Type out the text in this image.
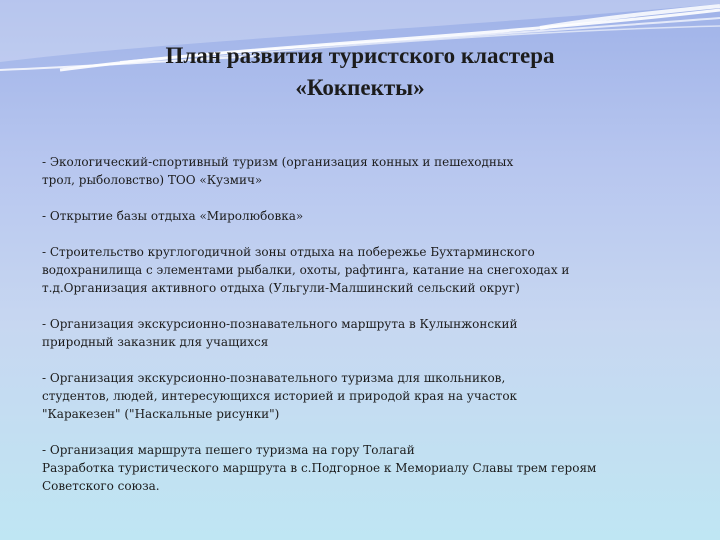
План развития туристского кластера
«Кокпекты»
- Экологический-спортивный туризм (организация конных и пешеходных
трол, рыболовство) ТОО «Кузмич»
- Открытие базы отдыха «Миролюбовка»
- Строительство круглогодичной зоны отдыха на побережье Бухтарминского
водохранилища с элементами рыбалки, охоты, рафтинга, катание на снегоходах и
т.д.Организация активного отдыха (Ульгули-Малшинский сельский округ)
- Организация экскурсионно-познавательного маршрута в Кулынжонский
природный заказник для учащихся
- Организация экскурсионно-познавательного туризма для школьников,
студентов, людей, интересующихся историей и природой края на участок
"Каракезен" ("Наскальные рисунки")
- Организация маршрута пешего туризма на гору Толагай
Разработка туристического маршрута в с.Подгорное к Мемориалу Славы трем героям
Советского союза.
